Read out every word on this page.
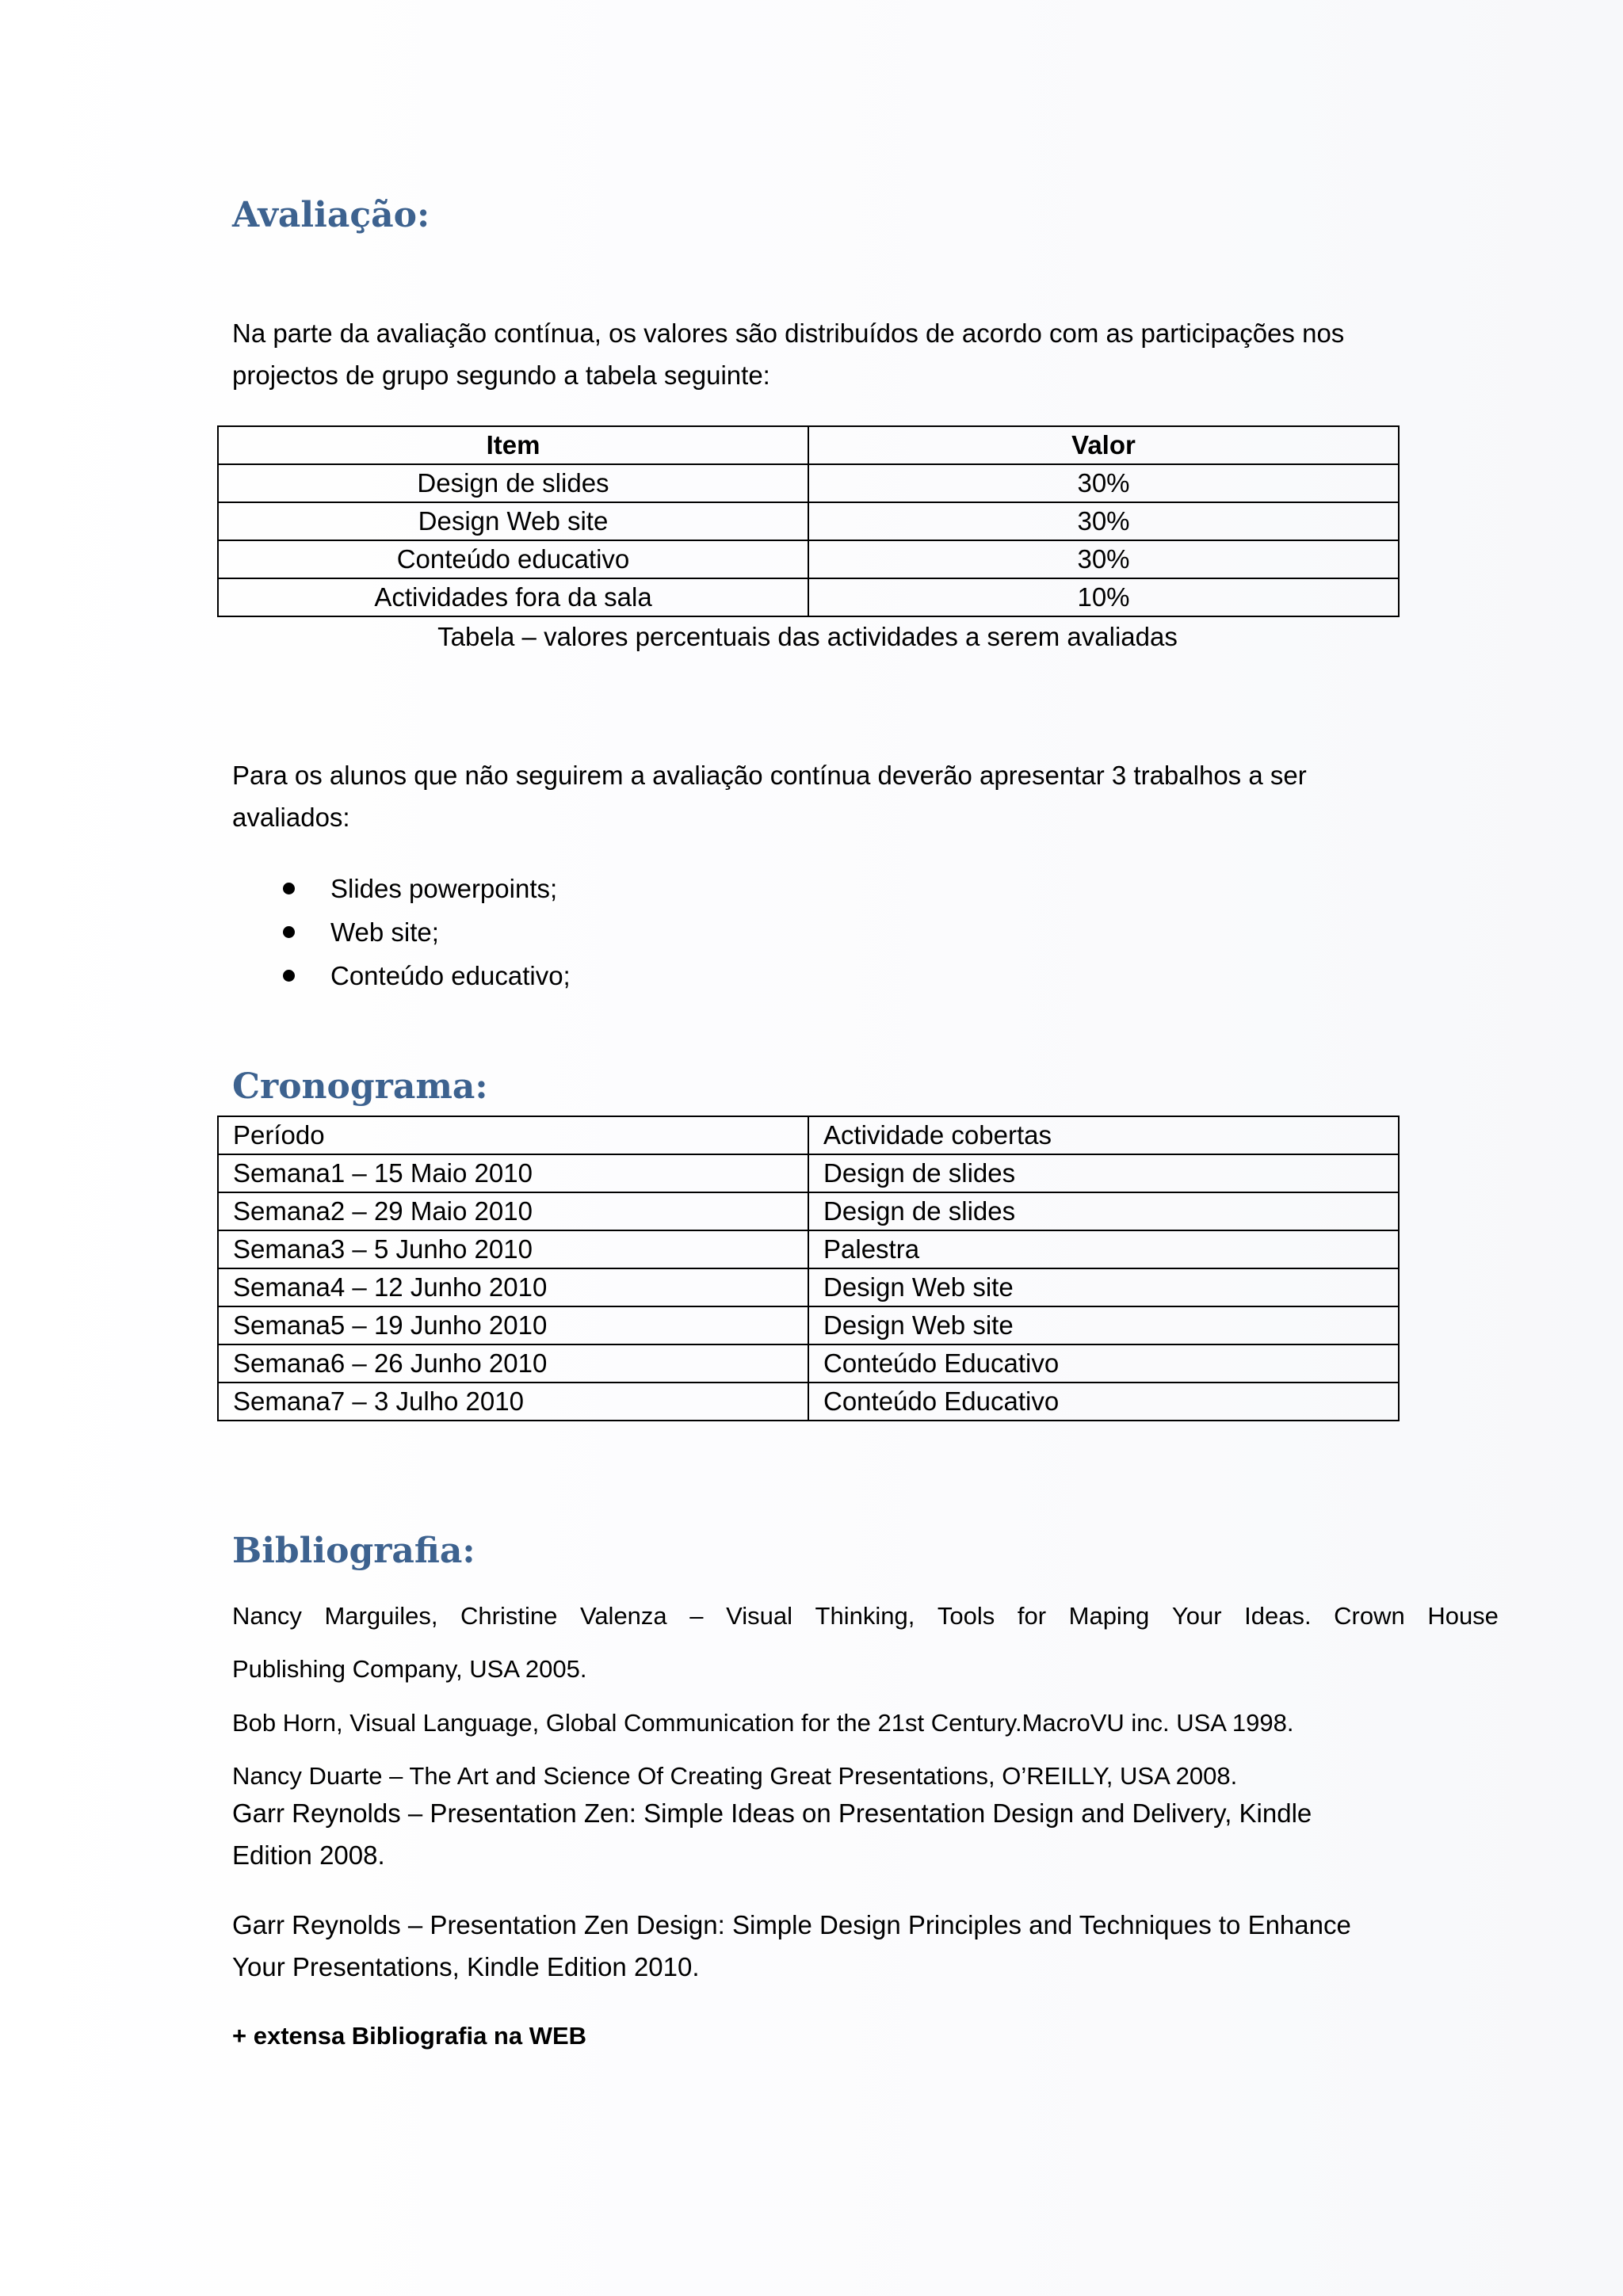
Avaliação:
Na parte da avaliação contínua, os valores são distribuídos de acordo com as participações nos
projectos de grupo segundo a tabela seguinte:
Item	Valor
Design de slides	30%
Design Web site	30%
Conteúdo educativo	30%
Actividades fora da sala	10%
Tabela – valores percentuais das actividades a serem avaliadas
Para os alunos que não seguirem a avaliação contínua deverão apresentar 3 trabalhos a ser
avaliados:
Slides powerpoints;
Web site;
Conteúdo educativo;
Cronograma:
Período	Actividade cobertas
Semana1 – 15 Maio 2010	Design de slides
Semana2 – 29 Maio 2010	Design de slides
Semana3 – 5 Junho 2010	Palestra
Semana4 – 12 Junho 2010	Design Web site
Semana5 – 19 Junho 2010	Design Web site
Semana6 – 26 Junho 2010	Conteúdo Educativo
Semana7 – 3 Julho 2010	Conteúdo Educativo
Bibliografia:
Nancy Marguiles, Christine Valenza – Visual Thinking, Tools for Maping Your Ideas. Crown House
Publishing Company, USA 2005.
Bob Horn, Visual Language, Global Communication for the 21st Century.MacroVU inc. USA 1998.
Nancy Duarte – The Art and Science Of Creating Great Presentations, O’REILLY, USA 2008.
Garr Reynolds – Presentation Zen: Simple Ideas on Presentation Design and Delivery, Kindle
Edition 2008.
Garr Reynolds – Presentation Zen Design: Simple Design Principles and Techniques to Enhance
Your Presentations, Kindle Edition 2010.
+ extensa Bibliografia na WEB
